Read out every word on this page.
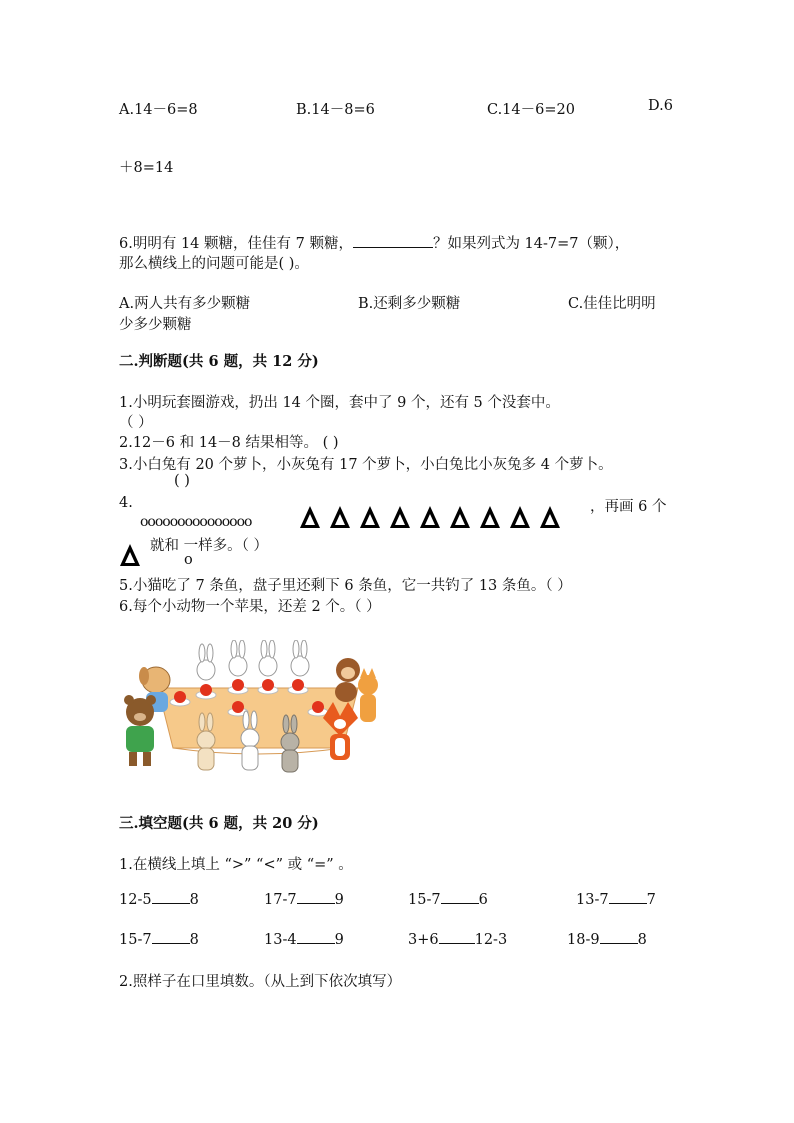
A.14－6=8	B.14－8=6	C.14－6=20	D.6
＋8=14
6.明明有 14 颗糖，佳佳有 7 颗糖，	？如果列式为 14-7=7（颗），
那么横线上的问题可能是( )。
A.两人共有多少颗糖	B.还剩多少颗糖	C.佳佳比明明
少多少颗糖
二.判断题(共 6 题，共 12 分)
1.小明玩套圈游戏，扔出 14 个圈，套中了 9 个，还有 5 个没套中。
（ ）
2.12－6 和 14－8 结果相等。 ( )
3.小白兔有 20 个萝卜，小灰兔有 17 个萝卜，小白兔比小灰兔多 4 个萝卜。
( )
4.
ooooooooooooooo
，再画 6 个
就和 一样多。（ ）
o
5.小猫吃了 7 条鱼，盘子里还剩下 6 条鱼，它一共钓了 13 条鱼。（ ）
6.每个小动物一个苹果，还差 2 个。（ ）
三.填空题(共 6 题，共 20 分)
1.在横线上填上 “>” “<” 或 “=” 。
12-5	8	17-7	9	15-7	6	13-7	7
15-7	8	13-4	9	3+6 12-3	18-9	8
2.照样子在口里填数。（从上到下依次填写）
